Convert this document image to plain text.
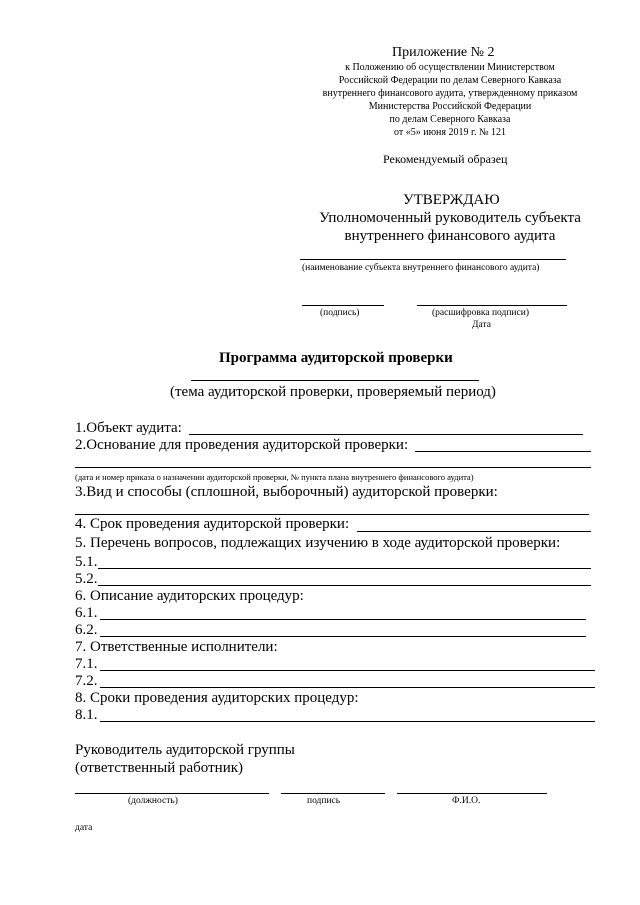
Приложение № 2
к Положению об осуществлении Министерством
Российской Федерации по делам Северного Кавказа
внутреннего финансового аудита, утвержденному приказом
Министерства Российской Федерации
по делам Северного Кавказа
от «5» июня 2019 г. № 121
Рекомендуемый образец
УТВЕРЖДАЮ
Уполномоченный руководитель субъекта
внутреннего финансового аудита
(наименование субъекта внутреннего финансового аудита)
(подпись)	(расшифровка подписи)
Дата
Программа аудиторской проверки
(тема аудиторской проверки, проверяемый период)
1.Объект аудита:
2.Основание для проведения аудиторской проверки:
(дата и номер приказа о назначении аудиторской проверки, № пункта плана внутреннего финансового аудита)
3.Вид и способы (сплошной, выборочный) аудиторской проверки:
4. Срок проведения аудиторской проверки:
5. Перечень вопросов, подлежащих изучению в ходе аудиторской проверки:
5.1.
5.2.
6. Описание аудиторских процедур:
6.1.
6.2.
7. Ответственные исполнители:
7.1.
7.2.
8. Сроки проведения аудиторских процедур:
8.1.
Руководитель аудиторской группы
(ответственный работник)
(должность)	подпись	Ф.И.О.
дата
